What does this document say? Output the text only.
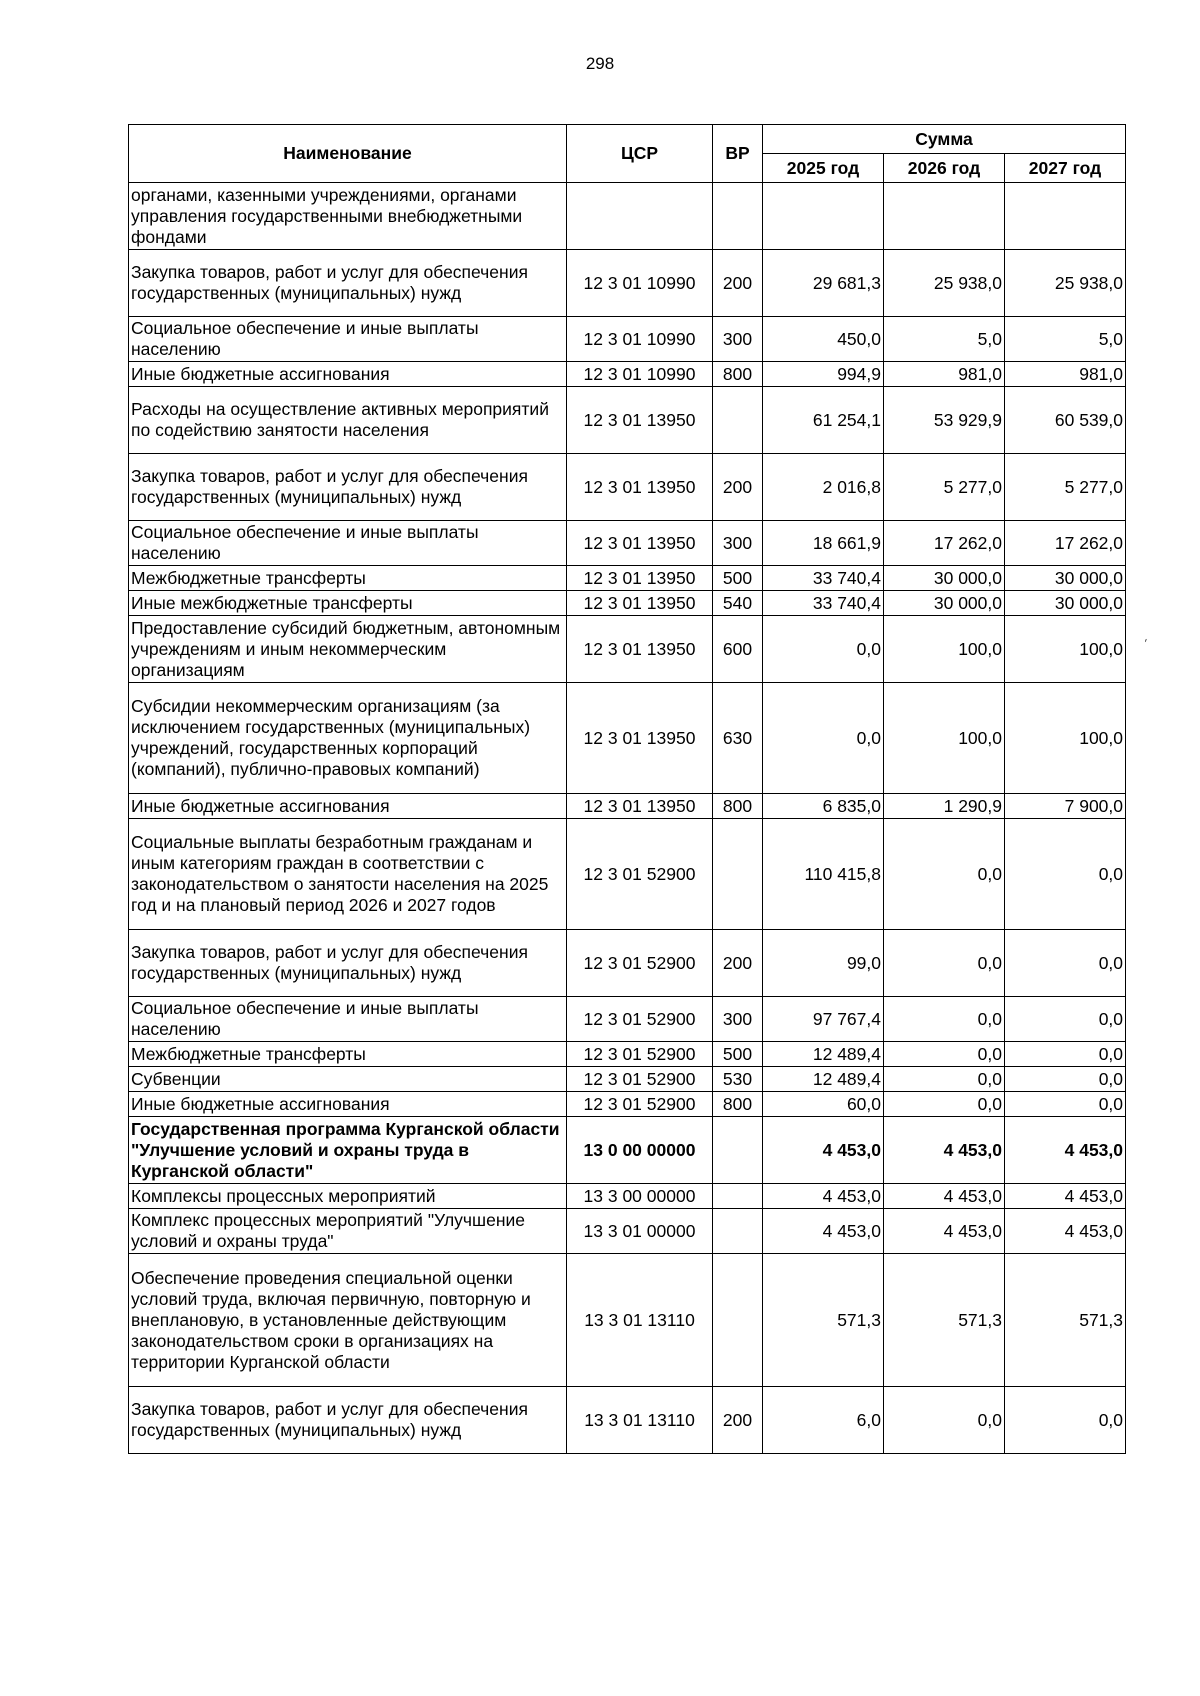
298
Наименование	ЦСР	ВР	Сумма		
			2025 год	2026 год	2027 год
органами, казенными учреждениями, органами управления государственными внебюджетными фондами					
Закупка товаров, работ и услуг для обеспечения государственных (муниципальных) нужд	12 3 01 10990	200	29 681,3	25 938,0	25 938,0
Социальное обеспечение и иные выплаты населению	12 3 01 10990	300	450,0	5,0	5,0
Иные бюджетные ассигнования	12 3 01 10990	800	994,9	981,0	981,0
Расходы на осуществление активных мероприятий по содействию занятости населения	12 3 01 13950		61 254,1	53 929,9	60 539,0
Закупка товаров, работ и услуг для обеспечения государственных (муниципальных) нужд	12 3 01 13950	200	2 016,8	5 277,0	5 277,0
Социальное обеспечение и иные выплаты населению	12 3 01 13950	300	18 661,9	17 262,0	17 262,0
Межбюджетные трансферты	12 3 01 13950	500	33 740,4	30 000,0	30 000,0
Иные межбюджетные трансферты	12 3 01 13950	540	33 740,4	30 000,0	30 000,0
Предоставление субсидий бюджетным, автономным учреждениям и иным некоммерческим организациям	12 3 01 13950	600	0,0	100,0	100,0
Субсидии некоммерческим организациям (за исключением государственных (муниципальных) учреждений, государственных корпораций (компаний), публично-правовых компаний)	12 3 01 13950	630	0,0	100,0	100,0
Иные бюджетные ассигнования	12 3 01 13950	800	6 835,0	1 290,9	7 900,0
Социальные выплаты безработным гражданам и иным категориям граждан в соответствии с законодательством о занятости населения на 2025 год и на плановый период 2026 и 2027 годов	12 3 01 52900		110 415,8	0,0	0,0
Закупка товаров, работ и услуг для обеспечения государственных (муниципальных) нужд	12 3 01 52900	200	99,0	0,0	0,0
Социальное обеспечение и иные выплаты населению	12 3 01 52900	300	97 767,4	0,0	0,0
Межбюджетные трансферты	12 3 01 52900	500	12 489,4	0,0	0,0
Субвенции	12 3 01 52900	530	12 489,4	0,0	0,0
Иные бюджетные ассигнования	12 3 01 52900	800	60,0	0,0	0,0
Государственная программа Курганской области "Улучшение условий и охраны труда в Курганской области"	13 0 00 00000		4 453,0	4 453,0	4 453,0
Комплексы процессных мероприятий	13 3 00 00000		4 453,0	4 453,0	4 453,0
Комплекс процессных мероприятий "Улучшение условий и охраны труда"	13 3 01 00000		4 453,0	4 453,0	4 453,0
Обеспечение проведения специальной оценки условий труда, включая первичную, повторную и внеплановую, в установленные действующим законодательством сроки в организациях на территории Курганской области	13 3 01 13110		571,3	571,3	571,3
Закупка товаров, работ и услуг для обеспечения государственных (муниципальных) нужд	13 3 01 13110	200	6,0	0,0	0,0
´
